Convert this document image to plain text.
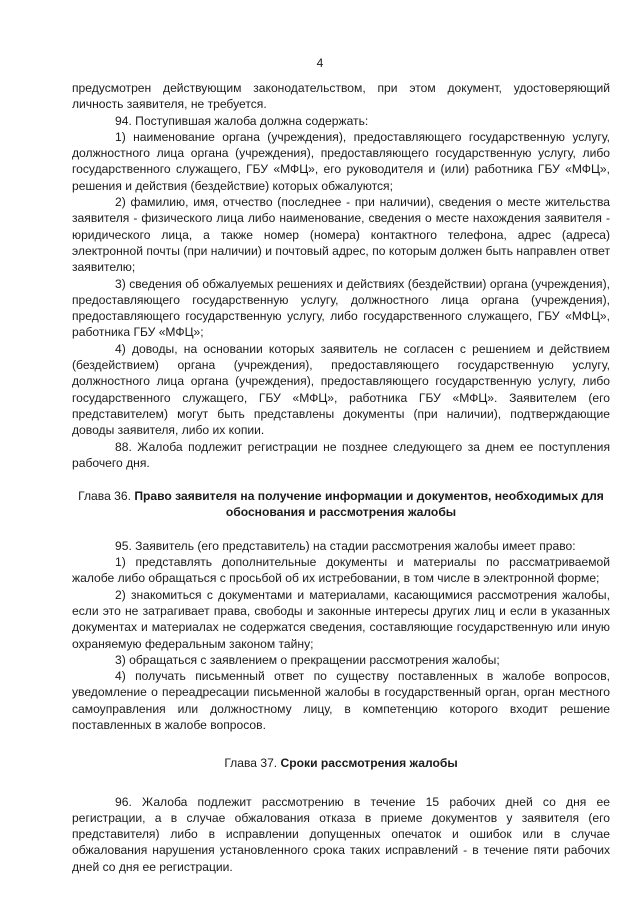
4

предусмотрен действующим законодательством, при этом документ, удостоверяющий личность заявителя, не требуется.

94. Поступившая жалоба должна содержать:

1) наименование органа (учреждения), предоставляющего государственную услугу, должностного лица органа (учреждения), предоставляющего государственную услугу, либо государственного служащего, ГБУ «МФЦ», его руководителя и (или) работника ГБУ «МФЦ», решения и действия (бездействие) которых обжалуются;

2) фамилию, имя, отчество (последнее - при наличии), сведения о месте жительства заявителя - физического лица либо наименование, сведения о месте нахождения заявителя - юридического лица, а также номер (номера) контактного телефона, адрес (адреса) электронной почты (при наличии) и почтовый адрес, по которым должен быть направлен ответ заявителю;

3) сведения об обжалуемых решениях и действиях (бездействии) органа (учреждения), предоставляющего государственную услугу, должностного лица органа (учреждения), предоставляющего государственную услугу, либо государственного служащего, ГБУ «МФЦ», работника ГБУ «МФЦ»;

4) доводы, на основании которых заявитель не согласен с решением и действием (бездействием) органа (учреждения), предоставляющего государственную услугу, должностного лица органа (учреждения), предоставляющего государственную услугу, либо государственного служащего, ГБУ «МФЦ», работника ГБУ «МФЦ». Заявителем (его представителем) могут быть представлены документы (при наличии), подтверждающие доводы заявителя, либо их копии.

88. Жалоба подлежит регистрации не позднее следующего за днем ее поступления рабочего дня.

Глава 36. Право заявителя на получение информации и документов, необходимых для обоснования и рассмотрения жалобы

95. Заявитель (его представитель) на стадии рассмотрения жалобы имеет право:

1) представлять дополнительные документы и материалы по рассматриваемой жалобе либо обращаться с просьбой об их истребовании, в том числе в электронной форме;

2) знакомиться с документами и материалами, касающимися рассмотрения жалобы, если это не затрагивает права, свободы и законные интересы других лиц и если в указанных документах и материалах не содержатся сведения, составляющие государственную или иную охраняемую федеральным законом тайну;

3) обращаться с заявлением о прекращении рассмотрения жалобы;

4) получать письменный ответ по существу поставленных в жалобе вопросов, уведомление о переадресации письменной жалобы в государственный орган, орган местного самоуправления или должностному лицу, в компетенцию которого входит решение поставленных в жалобе вопросов.

Глава 37. Сроки рассмотрения жалобы

96. Жалоба подлежит рассмотрению в течение 15 рабочих дней со дня ее регистрации, а в случае обжалования отказа в приеме документов у заявителя (его представителя) либо в исправлении допущенных опечаток и ошибок или в случае обжалования нарушения установленного срока таких исправлений - в течение пяти рабочих дней со дня ее регистрации.
